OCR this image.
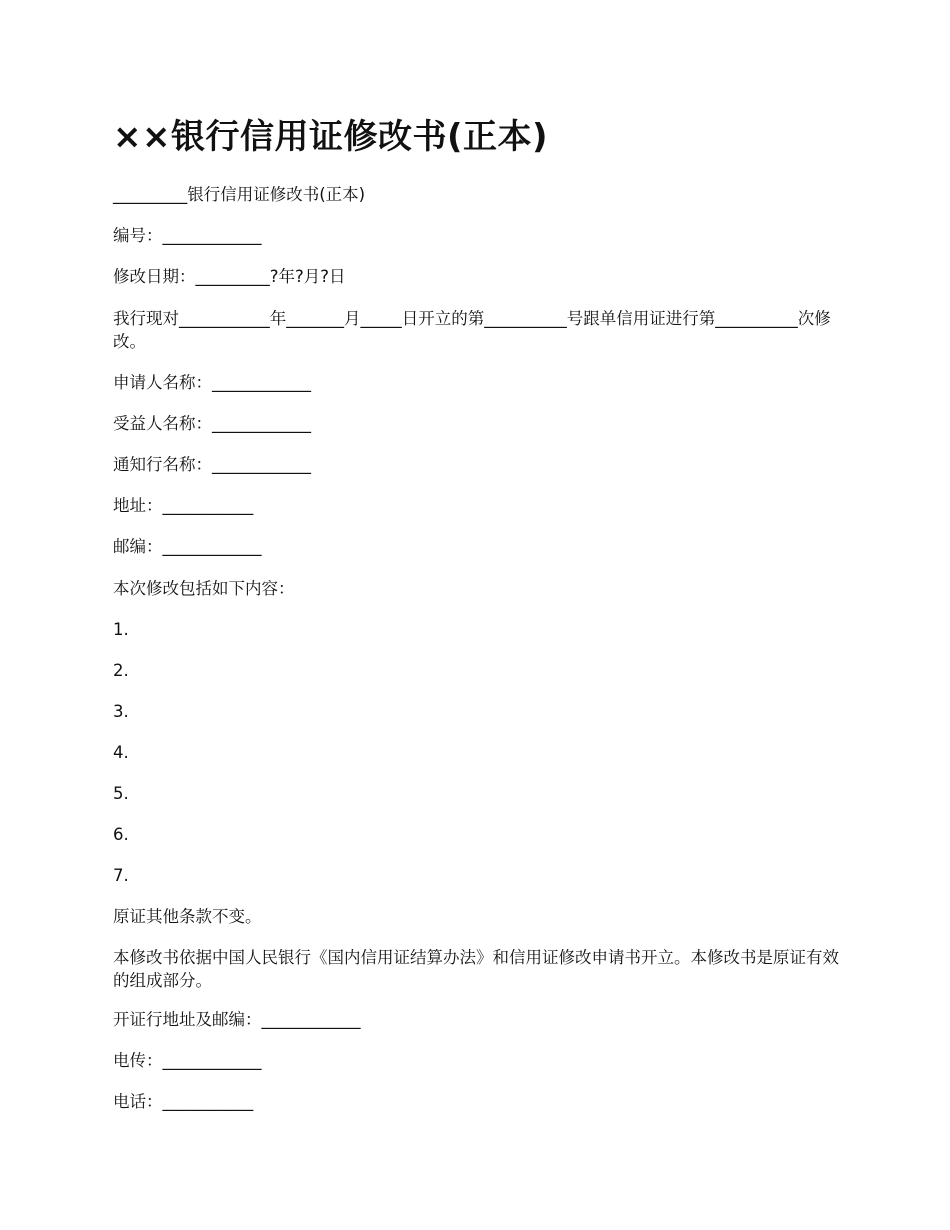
××银行信用证修改书(正本)
_________银行信用证修改书(正本)
编号：____________
修改日期：_________?年?月?日
我行现对___________年_______月_____日开立的第__________号跟单信用证进行第__________次修改。
申请人名称：____________
受益人名称：____________
通知行名称：____________
地址：___________
邮编：____________
本次修改包括如下内容：
1.
2.
3.
4.
5.
6.
7.
原证其他条款不变。
本修改书依据中国人民银行《国内信用证结算办法》和信用证修改申请书开立。本修改书是原证有效的组成部分。
开证行地址及邮编：____________
电传：____________
电话：___________
